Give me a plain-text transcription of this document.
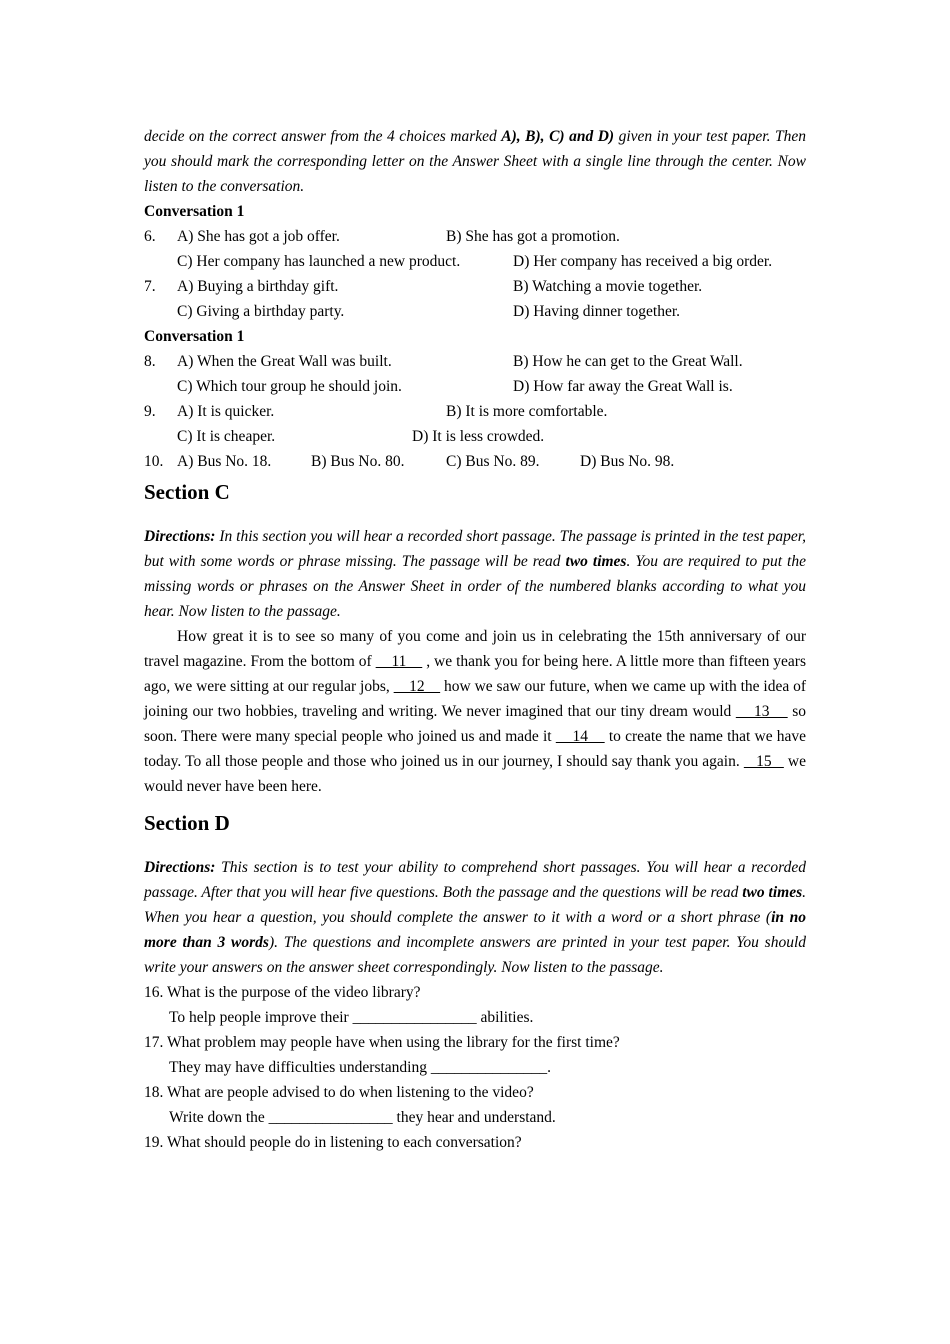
decide on the correct answer from the 4 choices marked A), B), C) and D) given in your test paper. Then you should mark the corresponding letter on the Answer Sheet with a single line through the center. Now listen to the conversation.
Conversation 1
6. A) She has got a job offer.	B) She has got a promotion.
C) Her company has launched a new product.	D) Her company has received a big order.
7. A) Buying a birthday gift.	B) Watching a movie together.
C) Giving a birthday party.	D) Having dinner together.
Conversation 1
8. A) When the Great Wall was built.	B) How he can get to the Great Wall.
C) Which tour group he should join.	D) How far away the Great Wall is.
9. A) It is quicker.	B) It is more comfortable.
C) It is cheaper.	D) It is less crowded.
10. A) Bus No. 18.	B) Bus No. 80.	C) Bus No. 89.	D) Bus No. 98.
Section C
Directions: In this section you will hear a recorded short passage. The passage is printed in the test paper, but with some words or phrase missing. The passage will be read two times. You are required to put the missing words or phrases on the Answer Sheet in order of the numbered blanks according to what you hear. Now listen to the passage.
How great it is to see so many of you come and join us in celebrating the 15th anniversary of our travel magazine. From the bottom of     11     , we thank you for being here. A little more than fifteen years ago, we were sitting at our regular jobs,     12     how we saw our future, when we came up with the idea of joining our two hobbies, traveling and writing. We never imagined that our tiny dream would     13     so soon. There were many special people who joined us and made it     14     to create the name that we have today. To all those people and those who joined us in our journey, I should say thank you again.    15    we would never have been here.
Section D
Directions: This section is to test your ability to comprehend short passages. You will hear a recorded passage. After that you will hear five questions. Both the passage and the questions will be read two times. When you hear a question, you should complete the answer to it with a word or a short phrase (in no more than 3 words). The questions and incomplete answers are printed in your test paper. You should write your answers on the answer sheet correspondingly. Now listen to the passage.
16. What is the purpose of the video library?
To help people improve their ________________ abilities.
17. What problem may people have when using the library for the first time?
They may have difficulties understanding _______________.
18. What are people advised to do when listening to the video?
Write down the ________________ they hear and understand.
19. What should people do in listening to each conversation?
